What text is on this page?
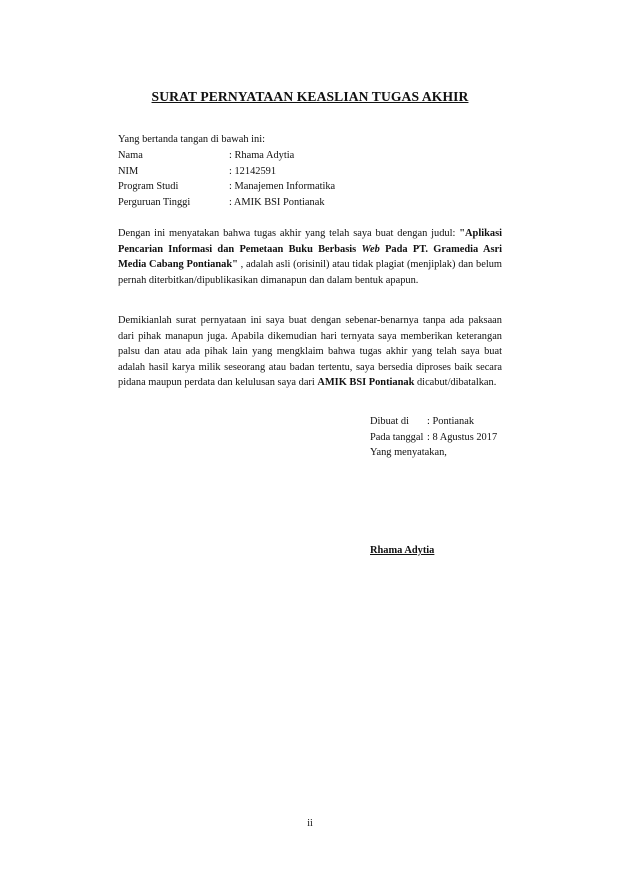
SURAT PERNYATAAN KEASLIAN TUGAS AKHIR
Yang bertanda tangan di bawah ini:
Nama	: Rhama Adytia
NIM	: 12142591
Program Studi	: Manajemen Informatika
Perguruan Tinggi	: AMIK BSI Pontianak
Dengan ini menyatakan bahwa tugas akhir yang telah saya buat dengan judul: "Aplikasi Pencarian Informasi dan Pemetaan Buku Berbasis Web Pada PT. Gramedia Asri Media Cabang Pontianak" , adalah asli (orisinil) atau tidak plagiat (menjiplak) dan belum pernah diterbitkan/dipublikasikan dimanapun dan dalam bentuk apapun.
Demikianlah surat pernyataan ini saya buat dengan sebenar-benarnya tanpa ada paksaan dari pihak manapun juga. Apabila dikemudian hari ternyata saya memberikan keterangan palsu dan atau ada pihak lain yang mengklaim bahwa tugas akhir yang telah saya buat adalah hasil karya milik seseorang atau badan tertentu, saya bersedia diproses baik secara pidana maupun perdata dan kelulusan saya dari AMIK BSI Pontianak dicabut/dibatalkan.
Dibuat di : Pontianak
Pada tanggal : 8 Agustus 2017
Yang menyatakan,
Rhama Adytia
ii
